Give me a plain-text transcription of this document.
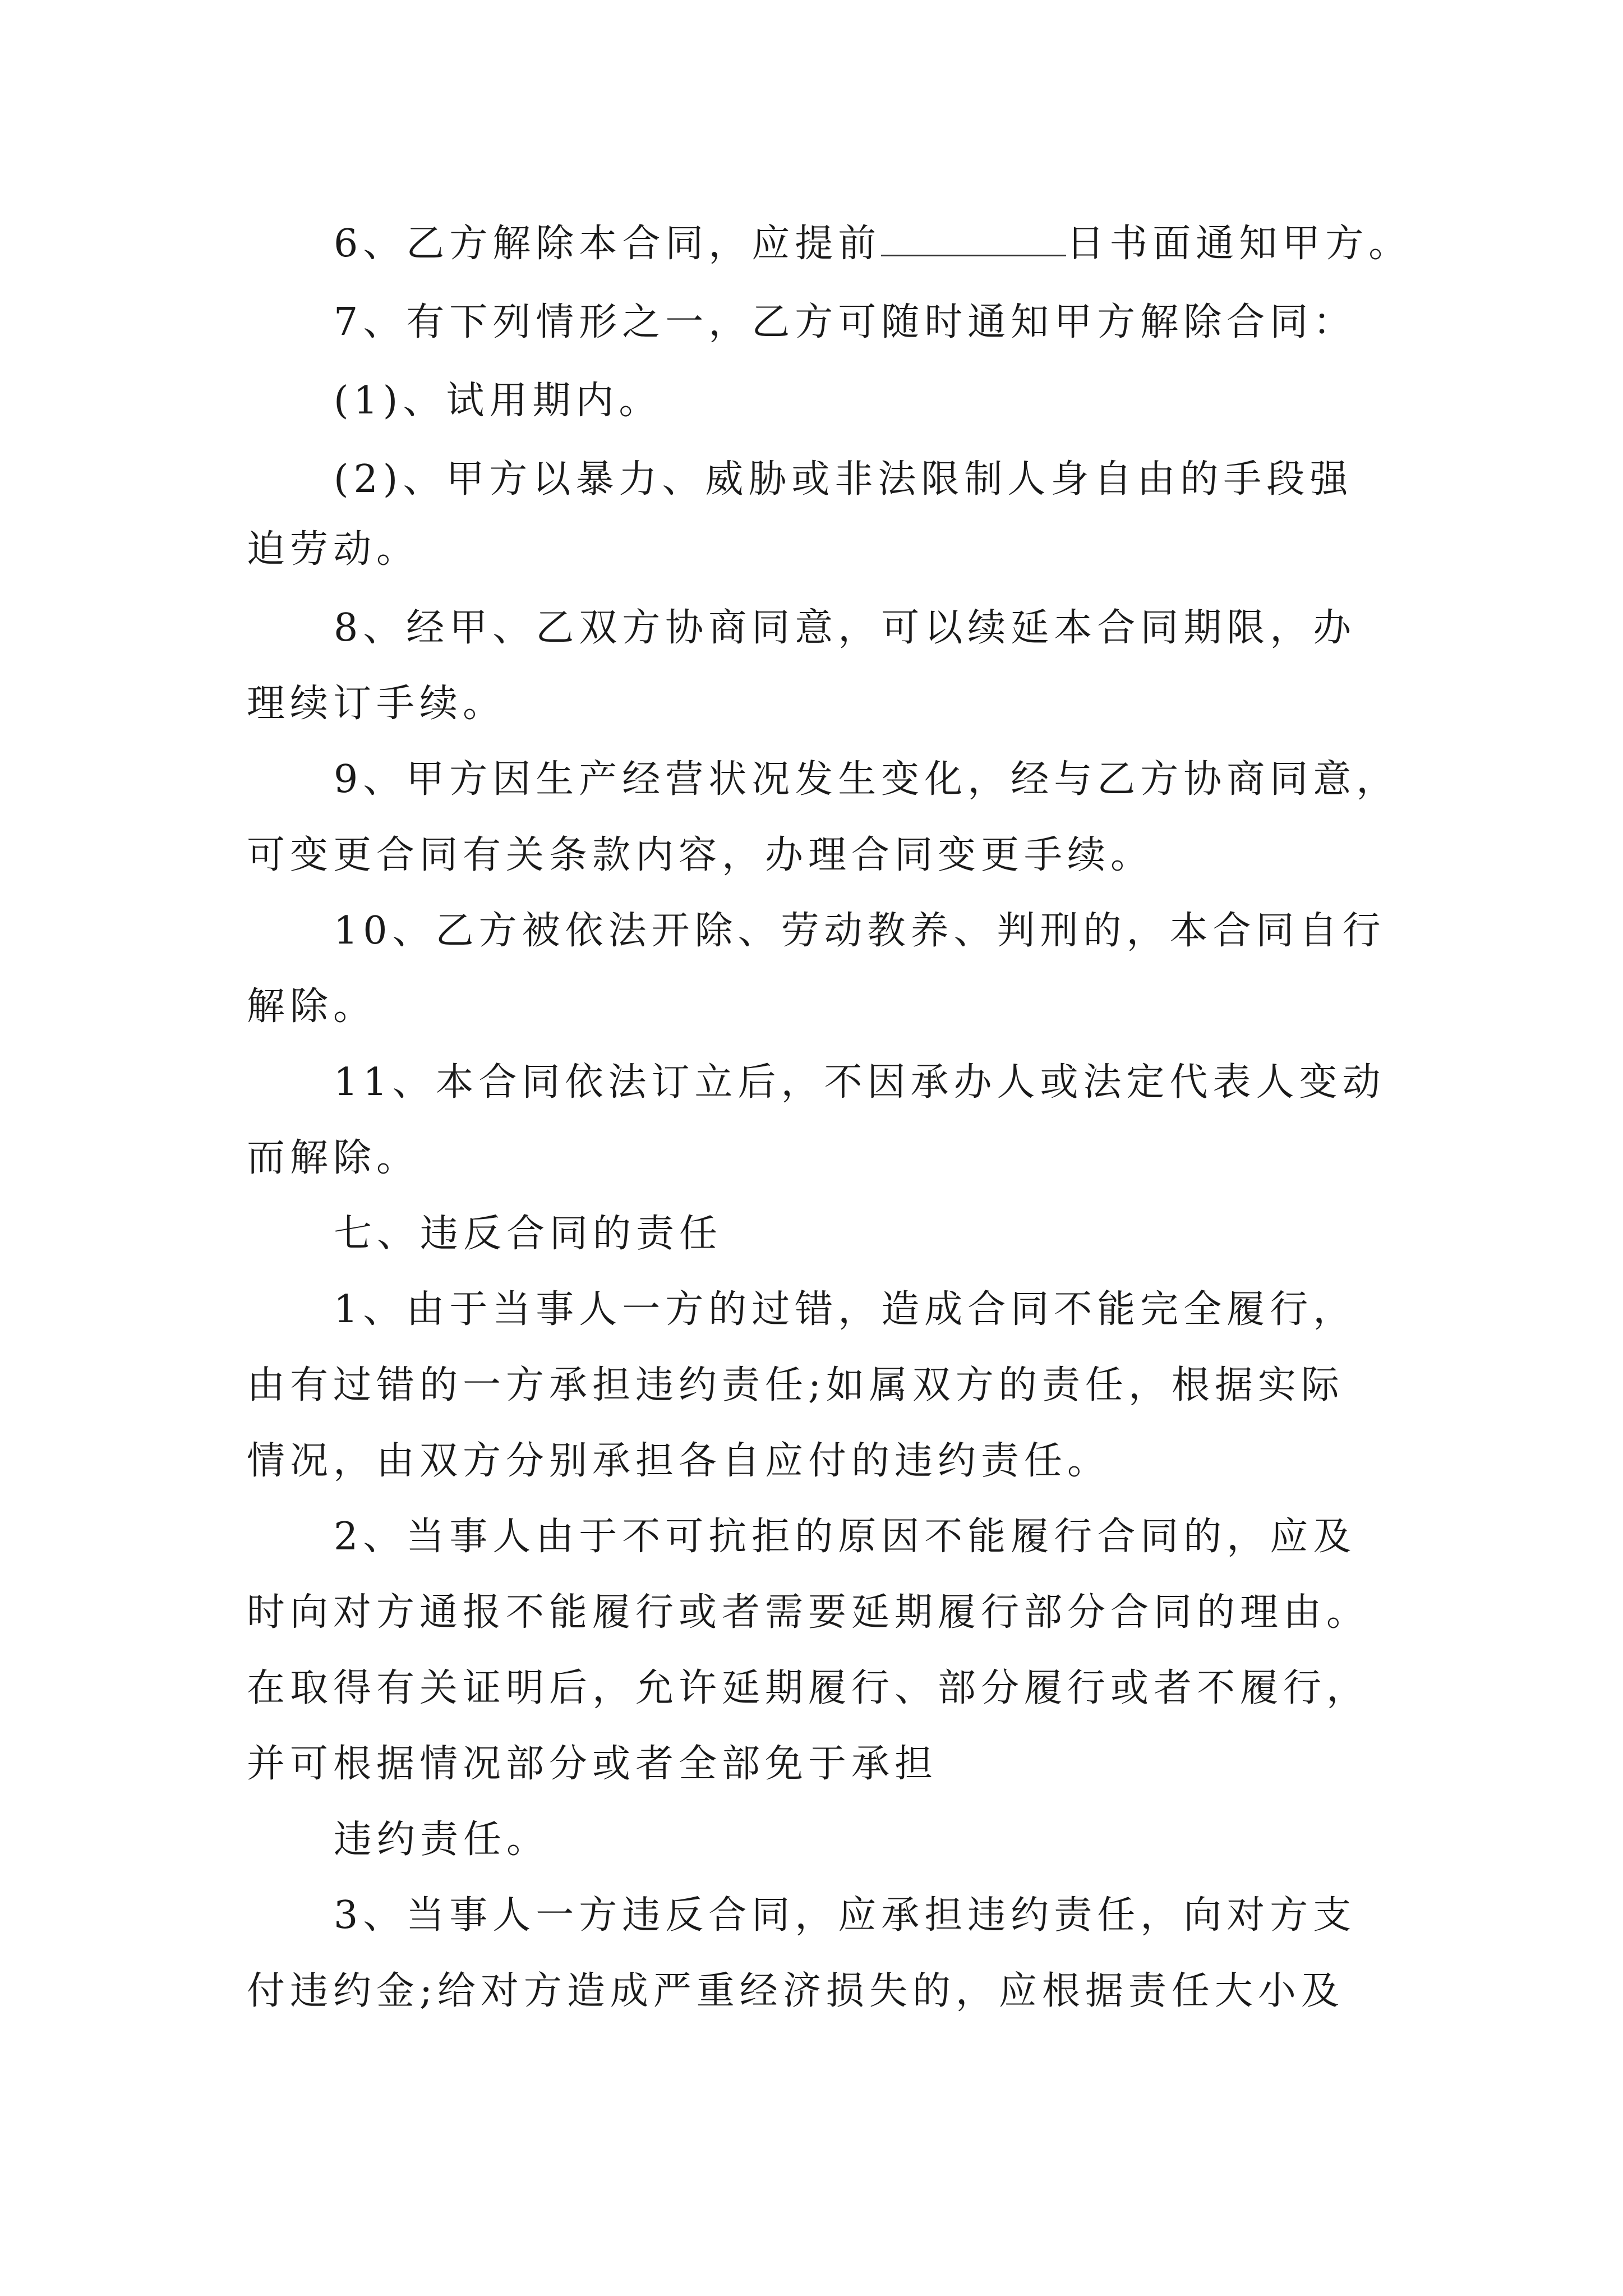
6、乙方解除本合同，应提前	日书面通知甲方。
7、有下列情形之一，乙方可随时通知甲方解除合同：
(1)、试用期内。
(2)、甲方以暴力、威胁或非法限制人身自由的手段强
迫劳动。
8、经甲、乙双方协商同意，可以续延本合同期限，办
理续订手续。
9、甲方因生产经营状况发生变化，经与乙方协商同意，
可变更合同有关条款内容，办理合同变更手续。
10、乙方被依法开除、劳动教养、判刑的，本合同自行
解除。
11、本合同依法订立后，不因承办人或法定代表人变动
而解除。
七、违反合同的责任
1、由于当事人一方的过错，造成合同不能完全履行，
由有过错的一方承担违约责任;如属双方的责任，根据实际
情况，由双方分别承担各自应付的违约责任。
2、当事人由于不可抗拒的原因不能履行合同的，应及
时向对方通报不能履行或者需要延期履行部分合同的理由。
在取得有关证明后，允许延期履行、部分履行或者不履行，
并可根据情况部分或者全部免于承担
违约责任。
3、当事人一方违反合同，应承担违约责任，向对方支
付违约金;给对方造成严重经济损失的，应根据责任大小及
